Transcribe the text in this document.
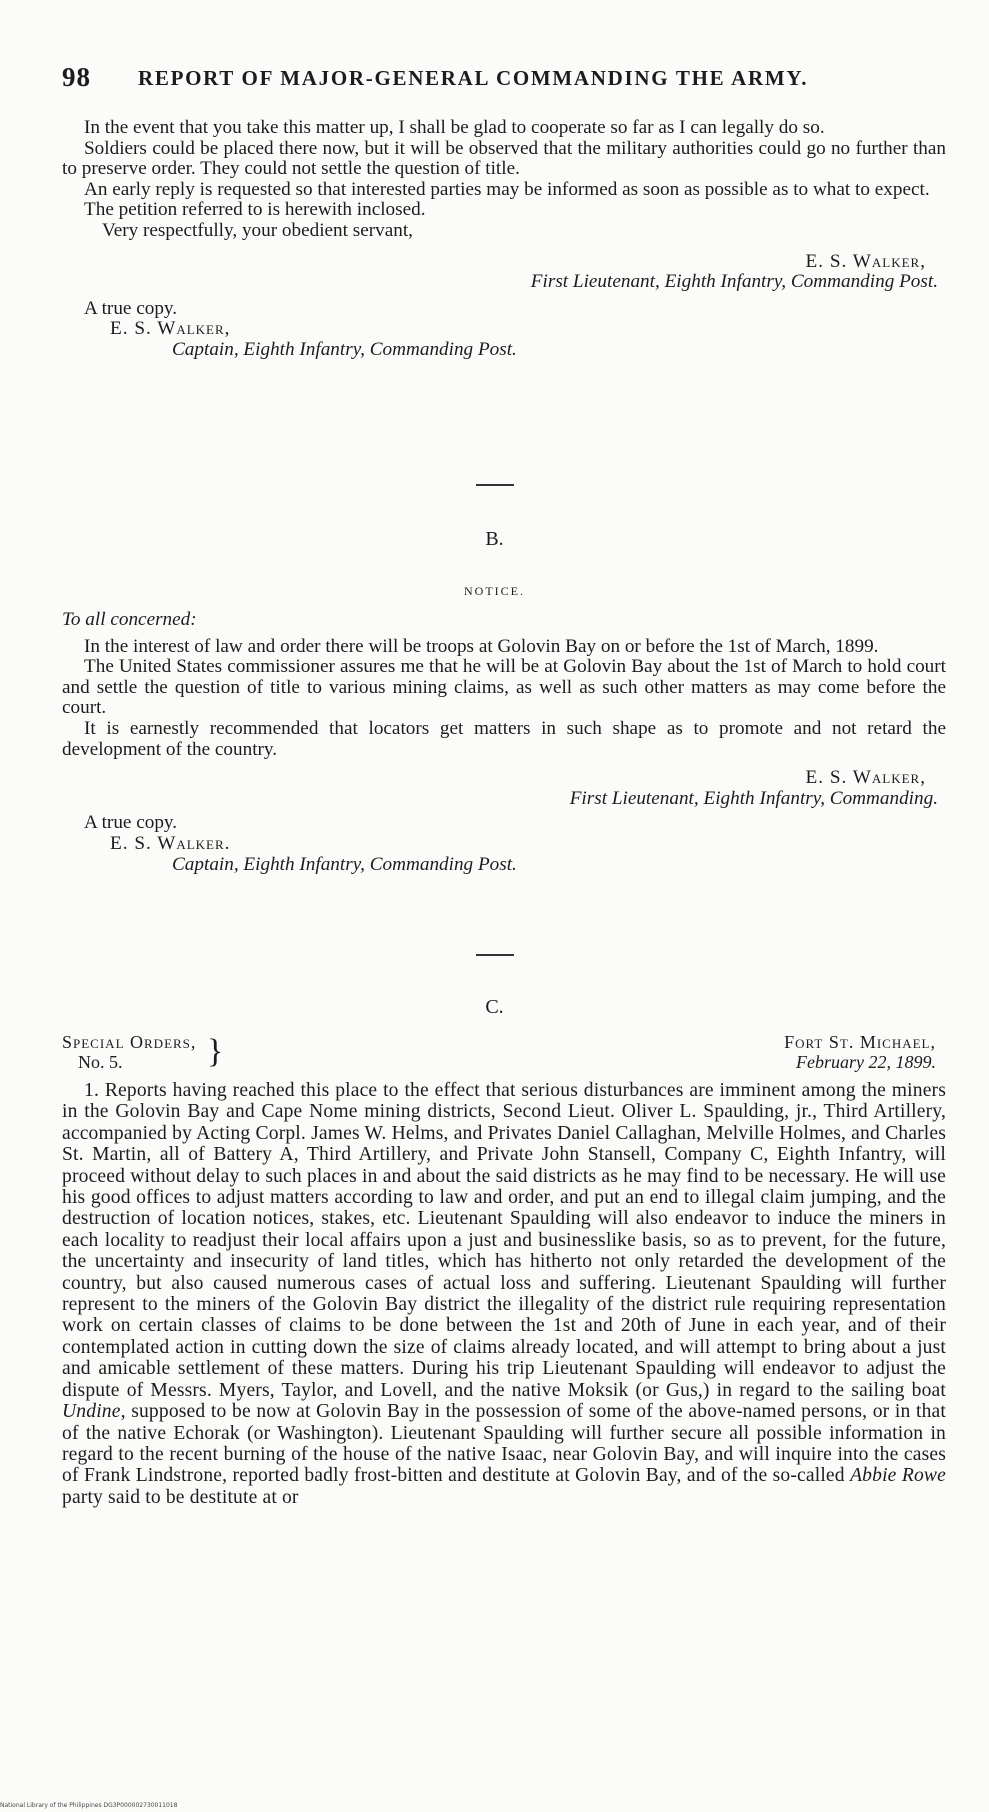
98 REPORT OF MAJOR-GENERAL COMMANDING THE ARMY.

In the event that you take this matter up, I shall be glad to cooperate so far as I can legally do so.

Soldiers could be placed there now, but it will be observed that the military authorities could go no further than to preserve order. They could not settle the question of title.

An early reply is requested so that interested parties may be informed as soon as possible as to what to expect.

The petition referred to is herewith inclosed.

Very respectfully, your obedient servant,

E. S. Walker,
First Lieutenant, Eighth Infantry, Commanding Post.
A true copy.
E. S. Walker,
Captain, Eighth Infantry, Commanding Post.
B.
NOTICE.

To all concerned:

In the interest of law and order there will be troops at Golovin Bay on or before the 1st of March, 1899.

The United States commissioner assures me that he will be at Golovin Bay about the 1st of March to hold court and settle the question of title to various mining claims, as well as such other matters as may come before the court.

It is earnestly recommended that locators get matters in such shape as to promote and not retard the development of the country.

E. S. Walker,
First Lieutenant, Eighth Infantry, Commanding.
A true copy.
E. S. Walker.
Captain, Eighth Infantry, Commanding Post.
C.
Special Orders,
No. 5.	}	Fort St. Michael,
February 22, 1899.

1. Reports having reached this place to the effect that serious disturbances are imminent among the miners in the Golovin Bay and Cape Nome mining districts, Second Lieut. Oliver L. Spaulding, jr., Third Artillery, accompanied by Acting Corpl. James W. Helms, and Privates Daniel Callaghan, Melville Holmes, and Charles St. Martin, all of Battery A, Third Artillery, and Private John Stansell, Company C, Eighth Infantry, will proceed without delay to such places in and about the said districts as he may find to be necessary. He will use his good offices to adjust matters according to law and order, and put an end to illegal claim jumping, and the destruction of location notices, stakes, etc. Lieutenant Spaulding will also endeavor to induce the miners in each locality to readjust their local affairs upon a just and businesslike basis, so as to prevent, for the future, the uncertainty and insecurity of land titles, which has hitherto not only retarded the development of the country, but also caused numerous cases of actual loss and suffering. Lieutenant Spaulding will further represent to the miners of the Golovin Bay district the illegality of the district rule requiring representation work on certain classes of claims to be done between the 1st and 20th of June in each year, and of their contemplated action in cutting down the size of claims already located, and will attempt to bring about a just and amicable settlement of these matters. During his trip Lieutenant Spaulding will endeavor to adjust the dispute of Messrs. Myers, Taylor, and Lovell, and the native Moksik (or Gus,) in regard to the sailing boat Undine, supposed to be now at Golovin Bay in the possession of some of the above-named persons, or in that of the native Echorak (or Washington). Lieutenant Spaulding will further secure all possible information in regard to the recent burning of the house of the native Isaac, near Golovin Bay, and will inquire into the cases of Frank Lindstrone, reported badly frost-bitten and destitute at Golovin Bay, and of the so-called Abbie Rowe party said to be destitute at or

National Library of the Philippines DG3P000002730011018
